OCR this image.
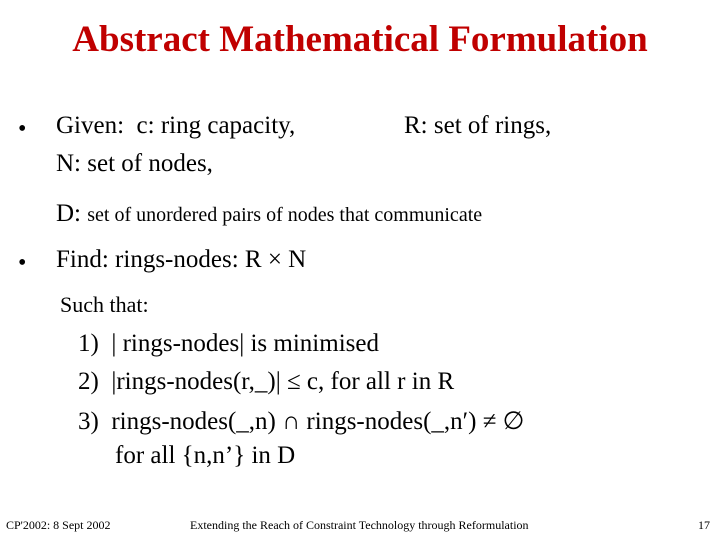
Abstract Mathematical Formulation
• Given: c: ring capacity,	R: set of rings,
N: set of nodes,
D: set of unordered pairs of nodes that communicate
• Find: rings-nodes: R × N
Such that:
1) | rings-nodes| is minimised
2) |rings-nodes(r,_)| ≤ c, for all r in R
3) rings-nodes(_,n) ∩ rings-nodes(_,n′) ≠ ∅
for all {n,n’} in D
CP'2002: 8 Sept 2002	Extending the Reach of Constraint Technology through Reformulation	17
